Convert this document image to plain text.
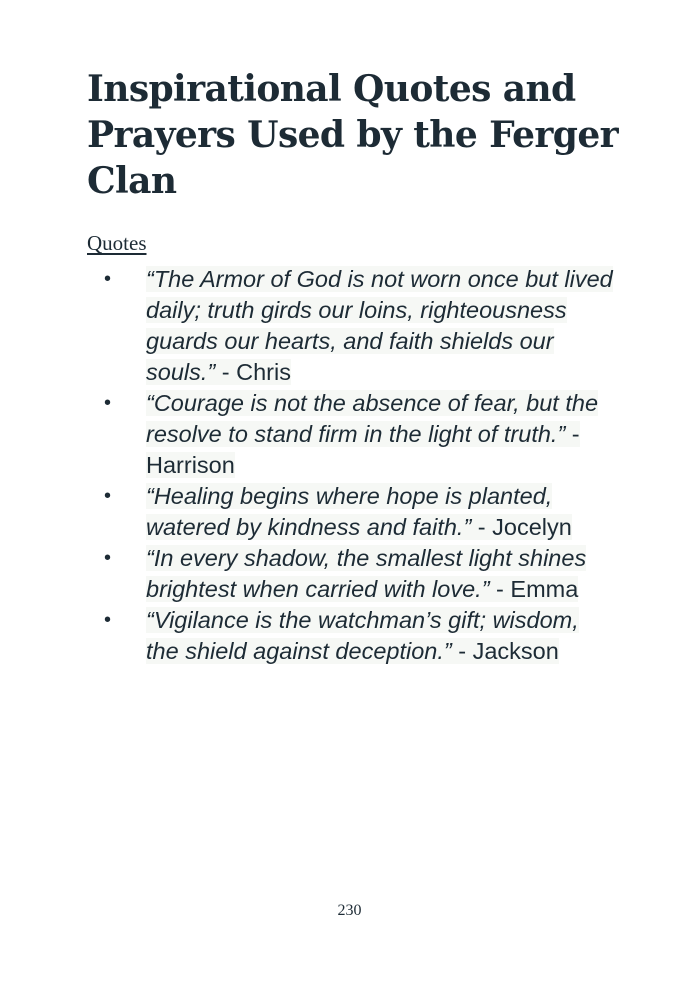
Inspirational Quotes and Prayers Used by the Ferger Clan
Quotes
• “The Armor of God is not worn once but lived daily; truth girds our loins, righteousness guards our hearts, and faith shields our souls.” - Chris
• “Courage is not the absence of fear, but the resolve to stand firm in the light of truth.” - Harrison
• “Healing begins where hope is planted, watered by kindness and faith.” - Jocelyn
• “In every shadow, the smallest light shines brightest when carried with love.” - Emma
• “Vigilance is the watchman’s gift; wisdom, the shield against deception.” - Jackson
230
